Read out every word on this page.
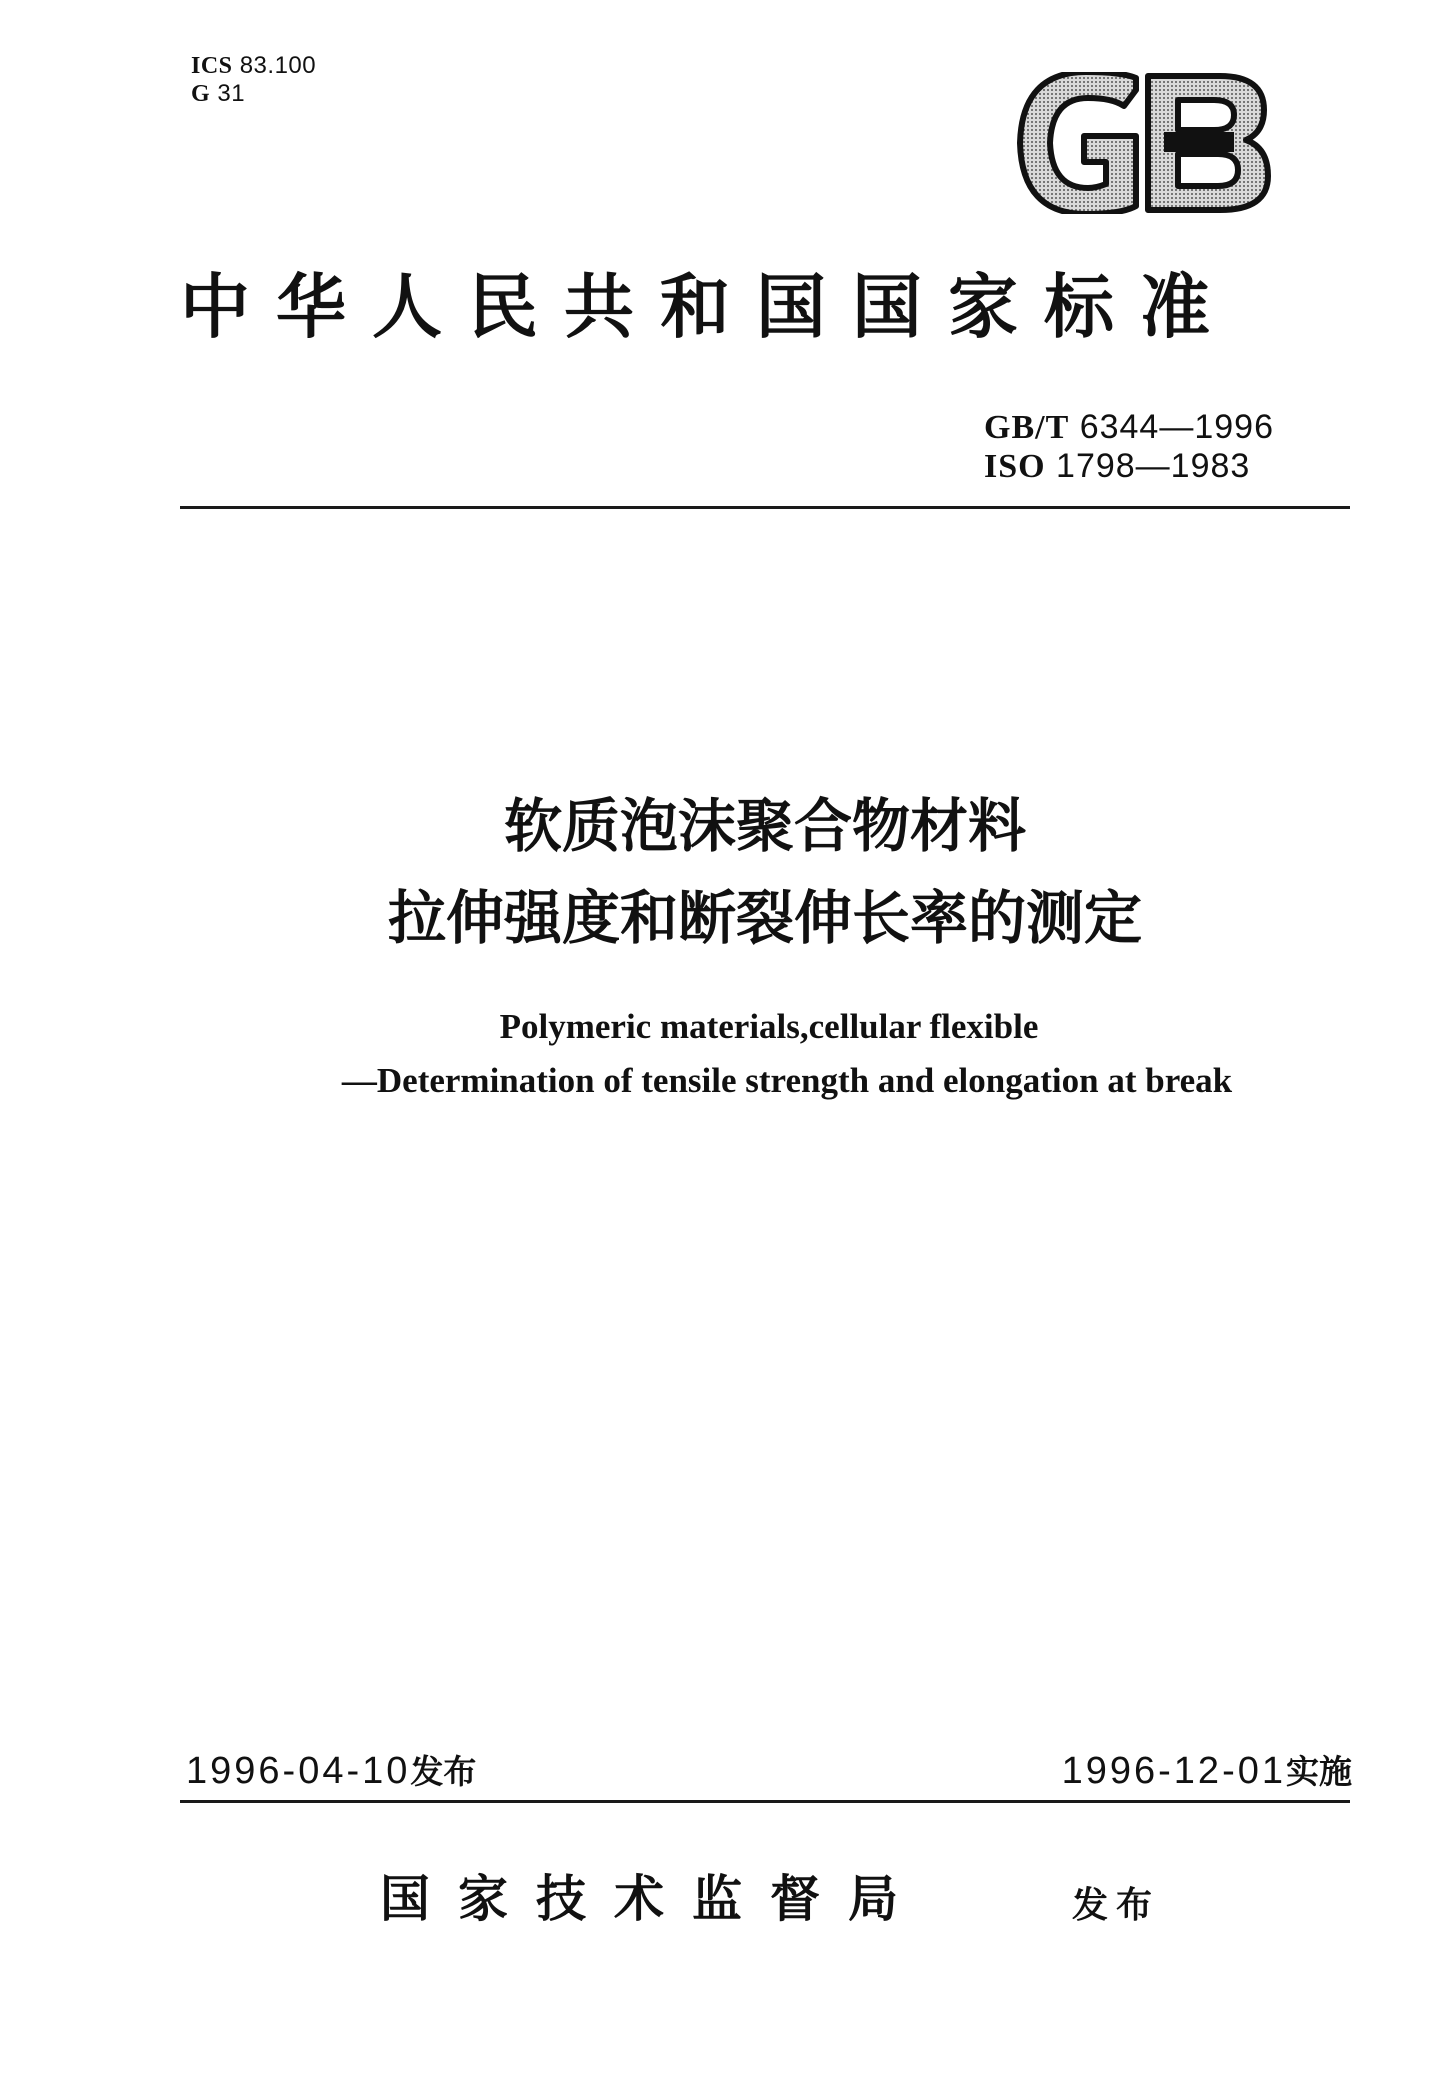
ICS 83.100
G 31
中华人民共和国国家标准
GB/T 6344—1996
ISO 1798—1983
软质泡沫聚合物材料
拉伸强度和断裂伸长率的测定
Polymeric materials,cellular flexible
—Determination of tensile strength and elongation at break
1996-04-10发布	1996-12-01实施
国家技术监督局	发布
